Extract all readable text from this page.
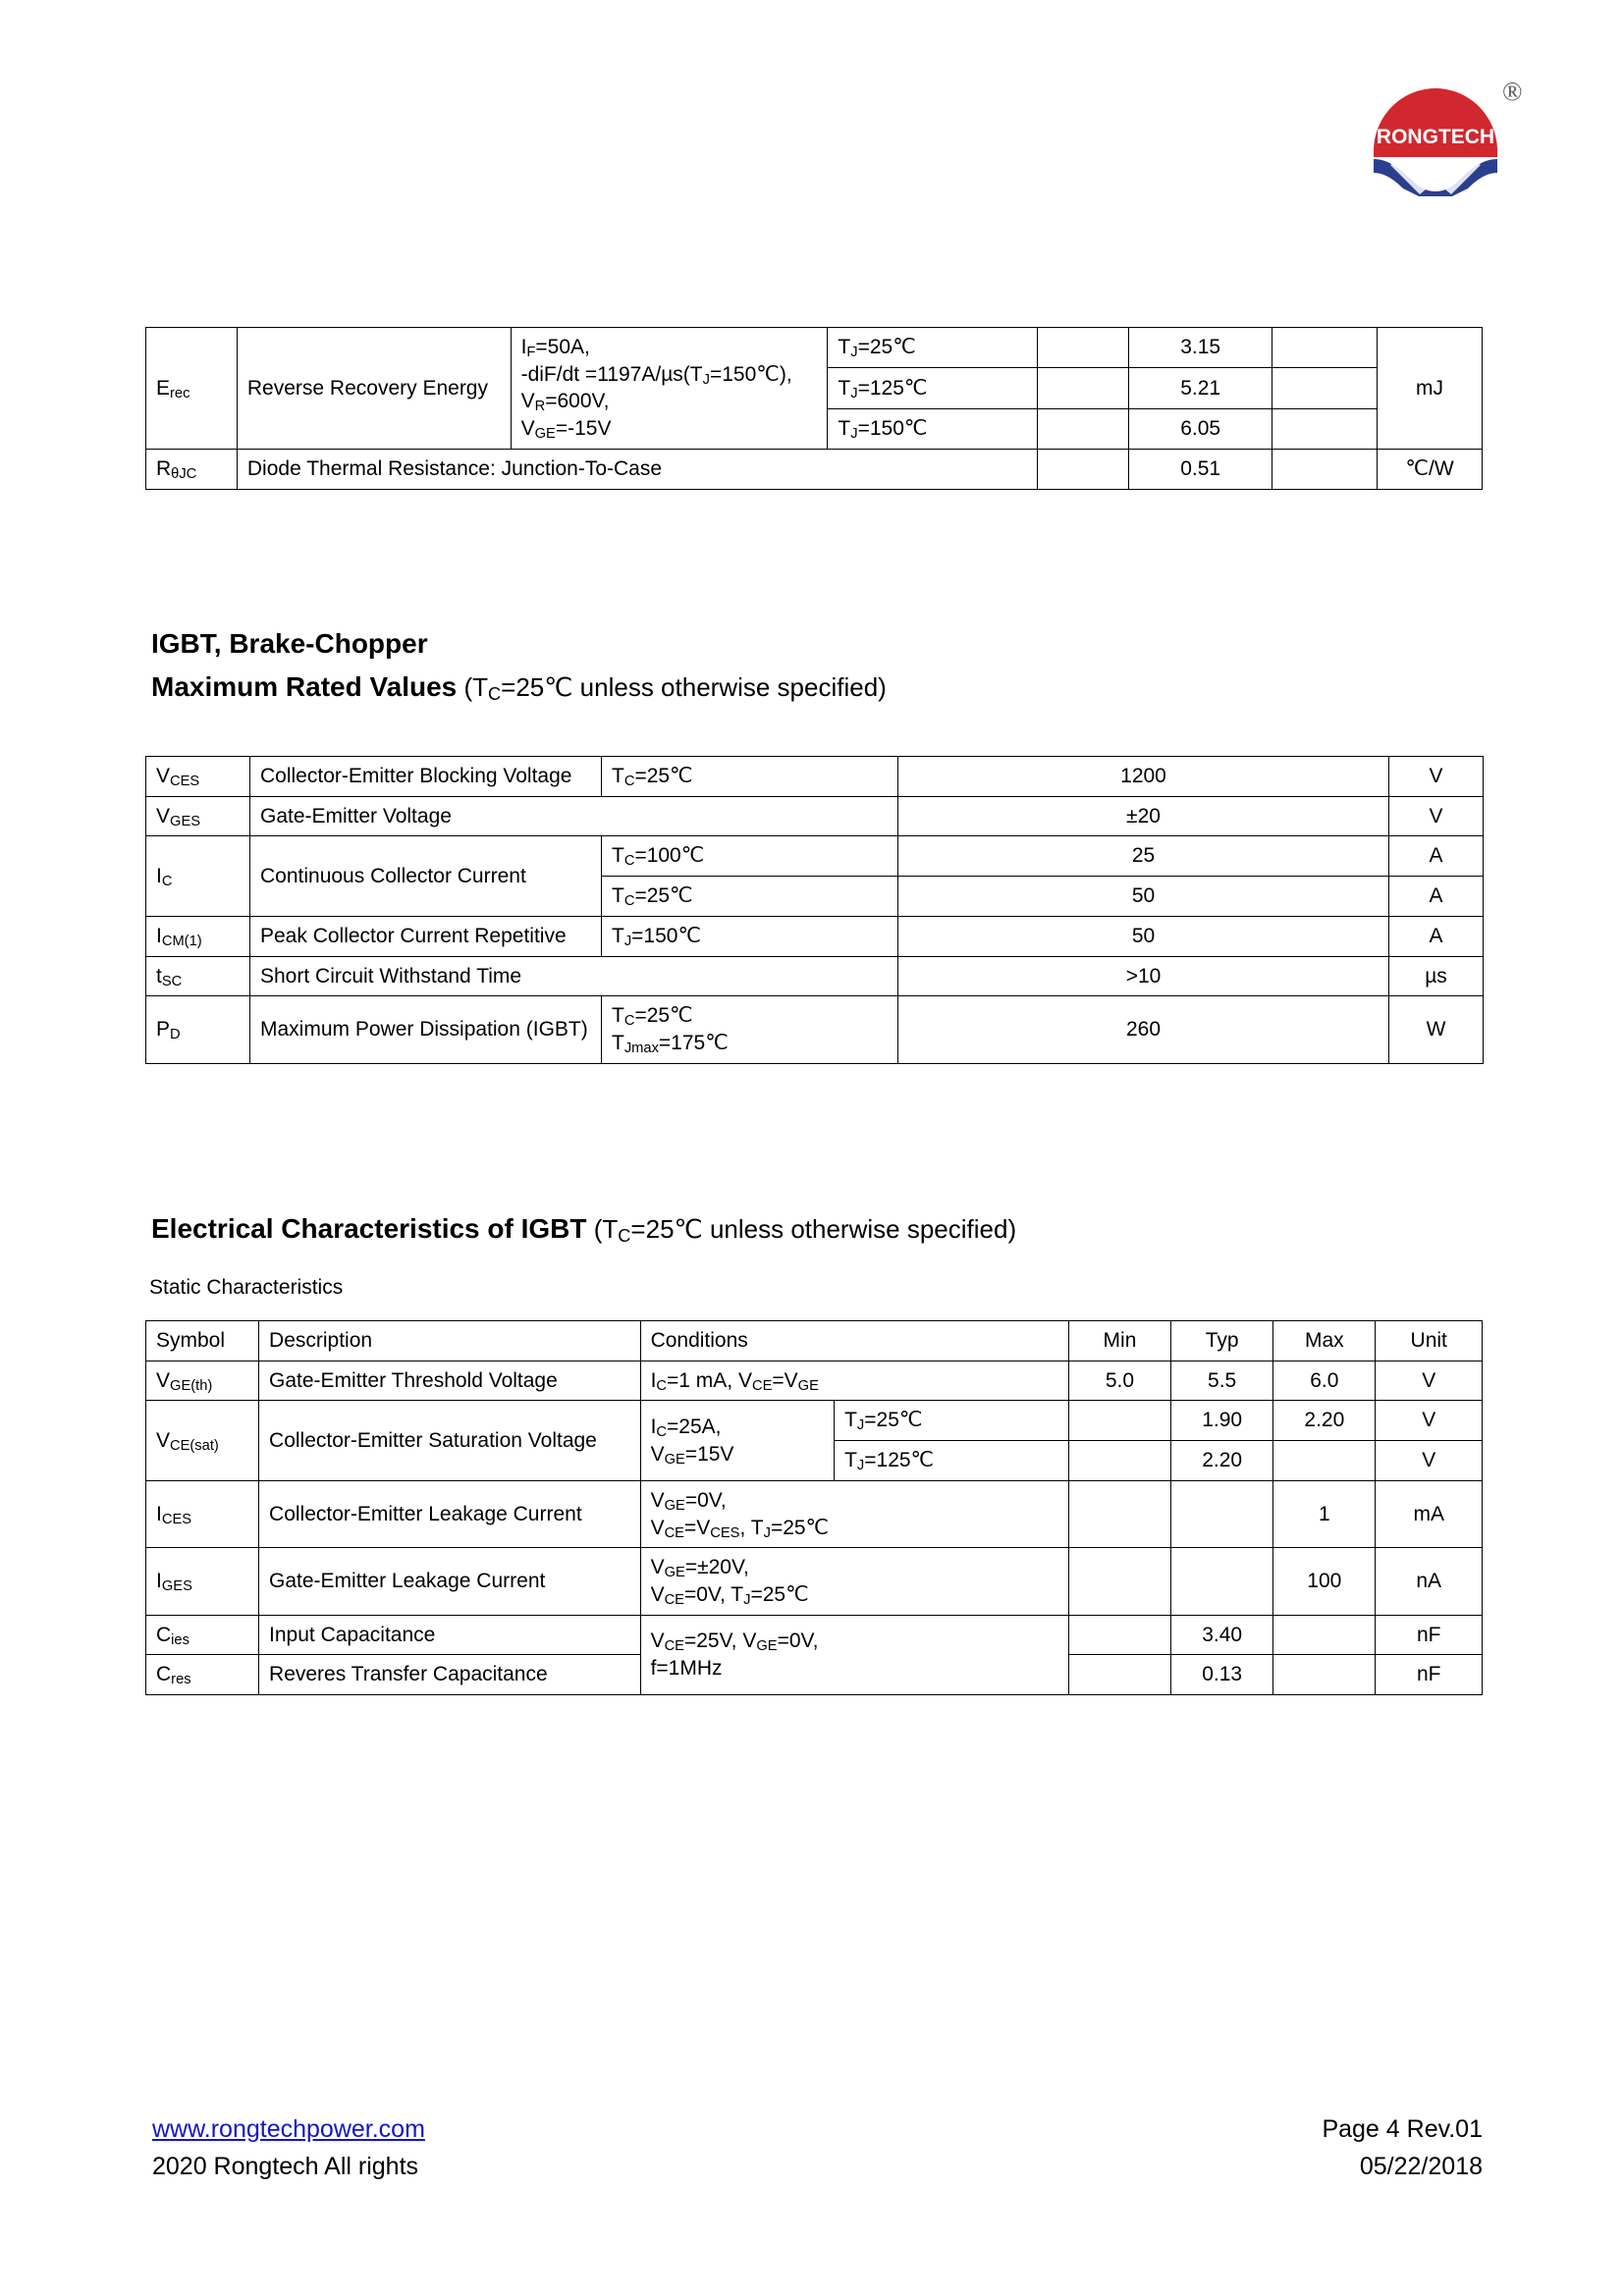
RONGTECH
®
$E_{rec}$	Reverse Recovery Energy	$I_F=50A$,
$-diF/dt =1197A/\mu s(T_J=150℃)$,
$V_R=600V$,
$V_{GE}=-15V$	$T_J=25℃$		3.15		mJ
			$T_J=125℃$		5.21		
			$T_J=150℃$		6.05		
$R_{\theta JC}$	Diode Thermal Resistance: Junction-To-Case				0.51		℃/W
IGBT, Brake-Chopper
Maximum Rated Values ($T_C=25℃$ unless otherwise specified)
$V_{CES}$	Collector-Emitter Blocking Voltage	$T_C=25℃$	1200	V
$V_{GES}$	Gate-Emitter Voltage		±20	V
$I_C$	Continuous Collector Current	$T_C=100℃$	25	A
		$T_C=25℃$	50	A
$I_{CM(1)}$	Peak Collector Current Repetitive	$T_J=150℃$	50	A
$t_{SC}$	Short Circuit Withstand Time		>10	µs
$P_D$	Maximum Power Dissipation (IGBT)	$T_C=25℃$
$T_{Jmax}=175℃$	260	W
Electrical Characteristics of IGBT ($T_C=25℃$ unless otherwise specified)
Static Characteristics
Symbol	Description	Conditions		Min	Typ	Max	Unit
$V_{GE(th)}$	Gate-Emitter Threshold Voltage	$I_C=1$ mA, $V_{CE}=V_{GE}$		5.0	5.5	6.0	V
$V_{CE(sat)}$	Collector-Emitter Saturation Voltage	$I_C=25A$,
$V_{GE}=15V$	$T_J=25℃$		1.90	2.20	V
			$T_J=125℃$		2.20		V
$I_{CES}$	Collector-Emitter Leakage Current	$V_{GE}=0V$,
$V_{CE}=V_{CES}$, $T_J=25℃$				1	mA
$I_{GES}$	Gate-Emitter Leakage Current	$V_{GE}=\pm 20V$,
$V_{CE}=0V$, $T_J=25℃$				100	nA
$C_{ies}$	Input Capacitance	$V_{CE}=25V$, $V_{GE}=0V$,
f=1MHz			3.40		nF
$C_{res}$	Reveres Transfer Capacitance				0.13		nF
www.rongtechpower.com
2020 Rongtech All rights
Page 4 Rev.01
05/22/2018
